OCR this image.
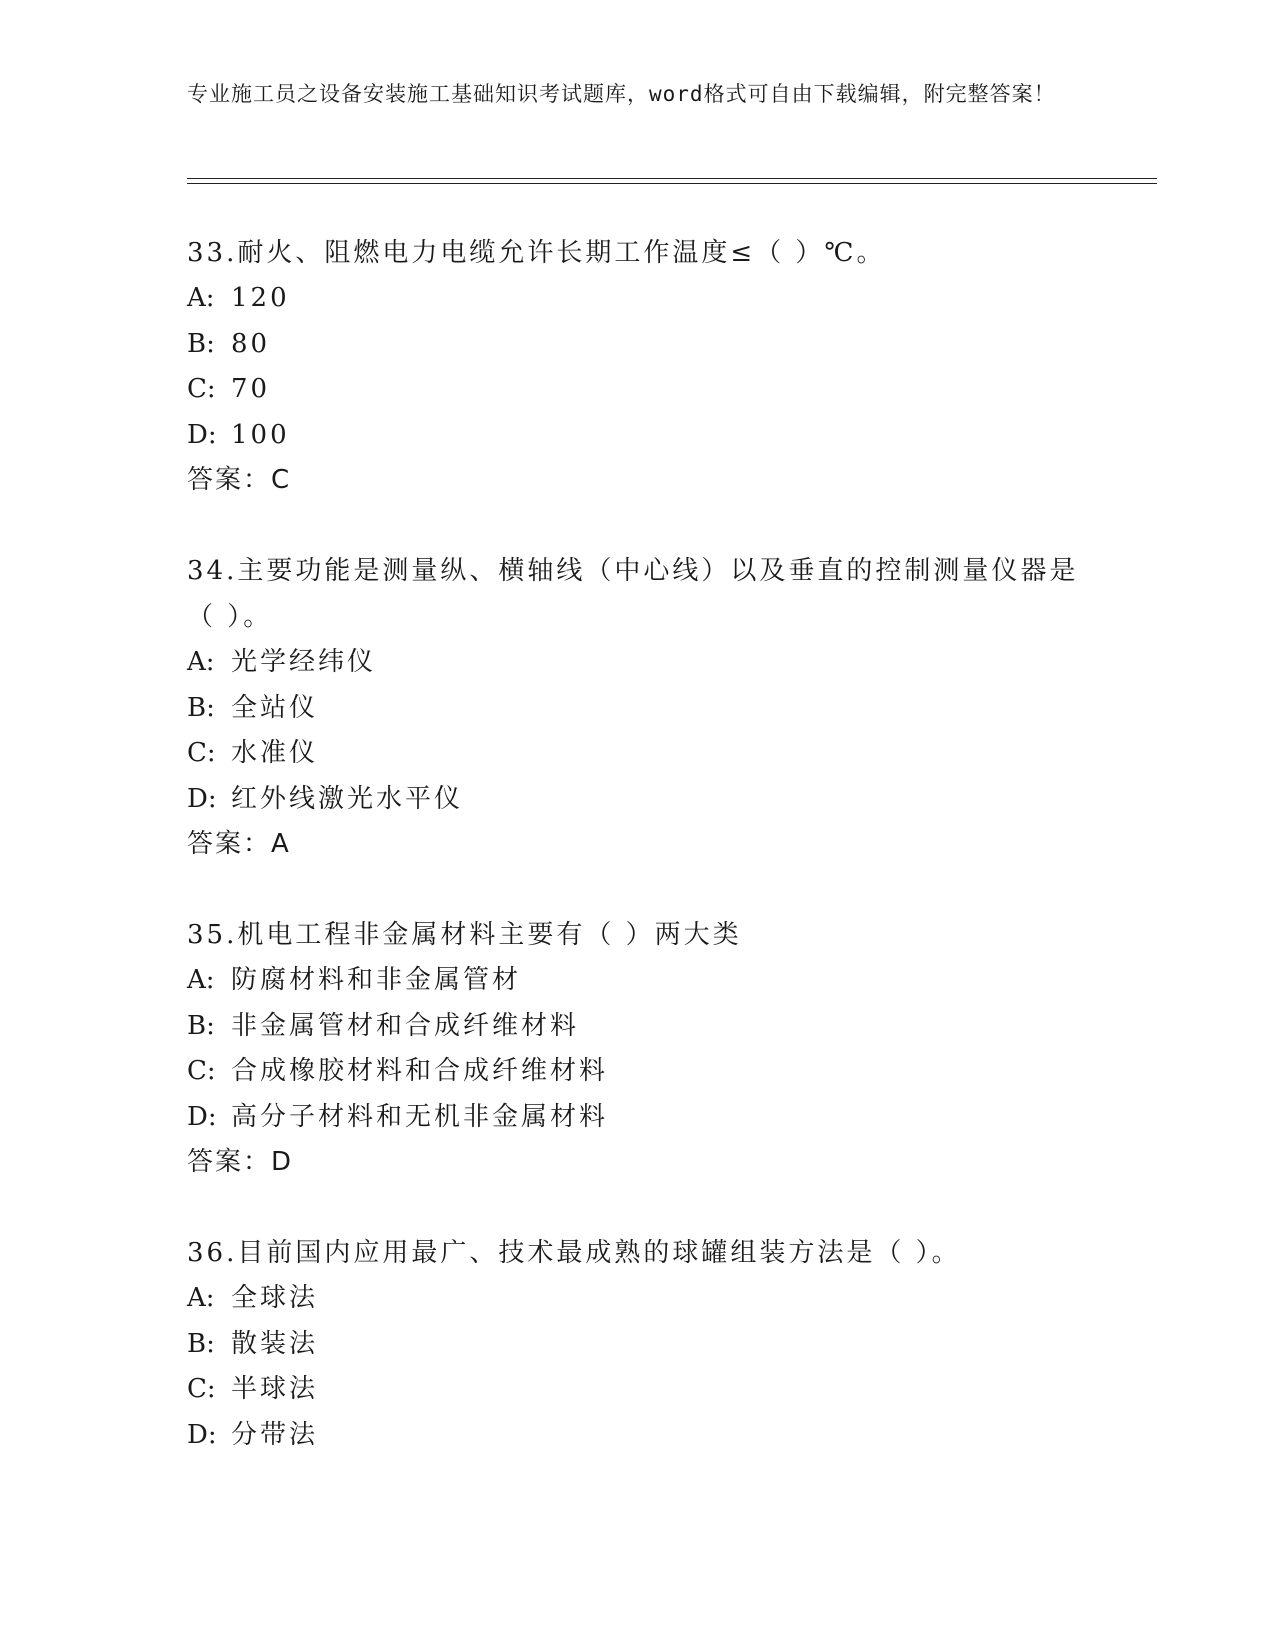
专业施工员之设备安装施工基础知识考试题库，word格式可自由下载编辑，附完整答案！
33.耐火、阻燃电力电缆允许长期工作温度≤（ ）℃。
A: 120
B: 80
C: 70
D: 100
答案：C
34.主要功能是测量纵、横轴线（中心线）以及垂直的控制测量仪器是（ ）。
A: 光学经纬仪
B: 全站仪
C: 水准仪
D: 红外线激光水平仪
答案：A
35.机电工程非金属材料主要有（ ）两大类
A: 防腐材料和非金属管材
B: 非金属管材和合成纤维材料
C: 合成橡胶材料和合成纤维材料
D: 高分子材料和无机非金属材料
答案：D
36.目前国内应用最广、技术最成熟的球罐组装方法是（ ）。
A: 全球法
B: 散装法
C: 半球法
D: 分带法
